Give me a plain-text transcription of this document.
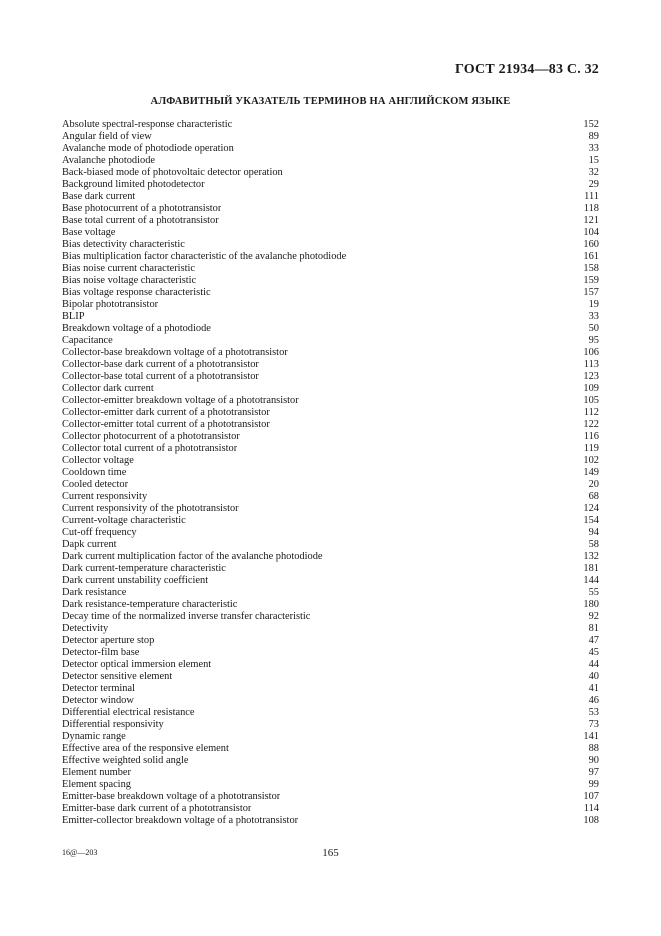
ГОСТ 21934—83 С. 32
АЛФАВИТНЫЙ УКАЗАТЕЛЬ ТЕРМИНОВ НА АНГЛИЙСКОМ ЯЗЫКЕ
Absolute spectral-response characteristic	152
Angular field of view	89
Avalanche mode of photodiode operation	33
Avalanche photodiode	15
Back-biased mode of photovoltaic detector operation	32
Background limited photodetector	29
Base dark current	111
Base photocurrent of a phototransistor	118
Base total current of a phototransistor	121
Base voltage	104
Bias detectivity characteristic	160
Bias multiplication factor characteristic of the avalanche photodiode	161
Bias noise current characteristic	158
Bias noise voltage characteristic	159
Bias voltage response characteristic	157
Bipolar phototransistor	19
BLIP	33
Breakdown voltage of a photodiode	50
Capacitance	95
Collector-base breakdown voltage of a phototransistor	106
Collector-base dark current of a phototransistor	113
Collector-base total current of a phototransistor	123
Collector dark current	109
Collector-emitter breakdown voltage of a phototransistor	105
Collector-emitter dark current of a phototransistor	112
Collector-emitter total current of a phototransistor	122
Collector photocurrent of a phototransistor	116
Collector total current of a phototransistor	119
Collector voltage	102
Cooldown time	149
Cooled detector	20
Current responsivity	68
Current responsivity of the phototransistor	124
Current-voltage characteristic	154
Cut-off frequency	94
Dapk current	58
Dark current multiplication factor of the avalanche photodiode	132
Dark current-temperature characteristic	181
Dark current unstability coefficient	144
Dark resistance	55
Dark resistance-temperature characteristic	180
Decay time of the normalized inverse transfer characteristic	92
Detectivity	81
Detector aperture stop	47
Detector-film base	45
Detector optical immersion element	44
Detector sensitive element	40
Detector terminal	41
Detector window	46
Differential electrical resistance	53
Differential responsivity	73
Dynamic range	141
Effective area of the responsive element	88
Effective weighted solid angle	90
Element number	97
Element spacing	99
Emitter-base breakdown voltage of a phototransistor	107
Emitter-base dark current of a phototransistor	114
Emitter-collector breakdown voltage of a phototransistor	108
16@—203	165
